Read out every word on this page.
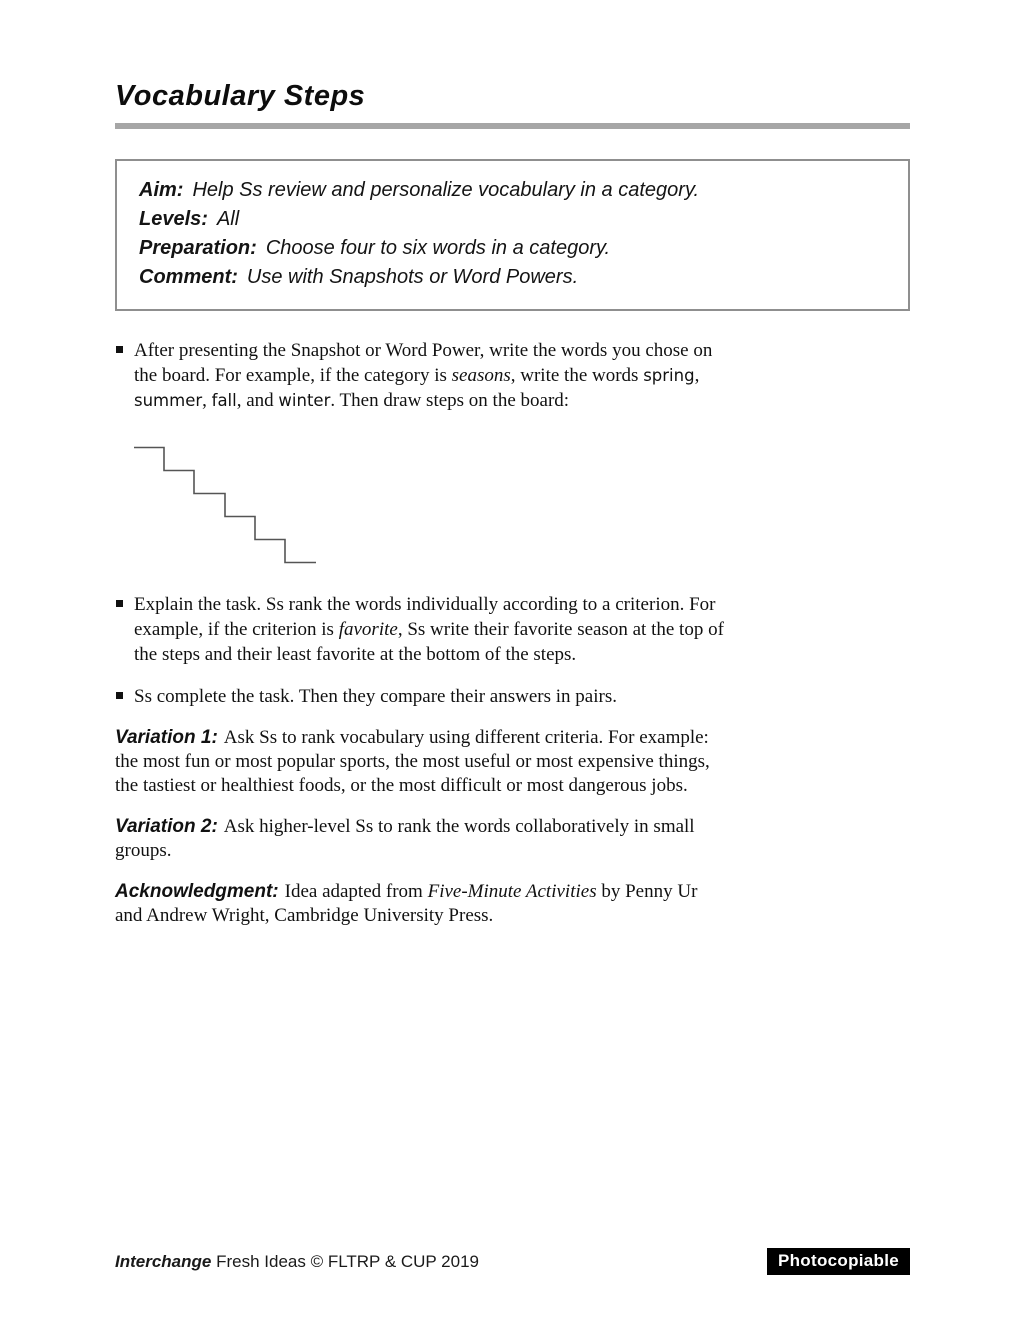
Vocabulary Steps
Aim: Help Ss review and personalize vocabulary in a category.
Levels: All
Preparation: Choose four to six words in a category.
Comment: Use with Snapshots or Word Powers.

After presenting the Snapshot or Word Power, write the words you chose on the board. For example, if the category is seasons, write the words spring, summer, fall, and winter. Then draw steps on the board:

Explain the task. Ss rank the words individually according to a criterion. For example, if the criterion is favorite, Ss write their favorite season at the top of the steps and their least favorite at the bottom of the steps.

Ss complete the task. Then they compare their answers in pairs.

Variation 1: Ask Ss to rank vocabulary using different criteria. For example: the most fun or most popular sports, the most useful or most expensive things, the tastiest or healthiest foods, or the most difficult or most dangerous jobs.

Variation 2: Ask higher-level Ss to rank the words collaboratively in small groups.

Acknowledgment: Idea adapted from Five-Minute Activities by Penny Ur and Andrew Wright, Cambridge University Press.

Interchange Fresh Ideas © FLTRP & CUP 2019	Photocopiable
